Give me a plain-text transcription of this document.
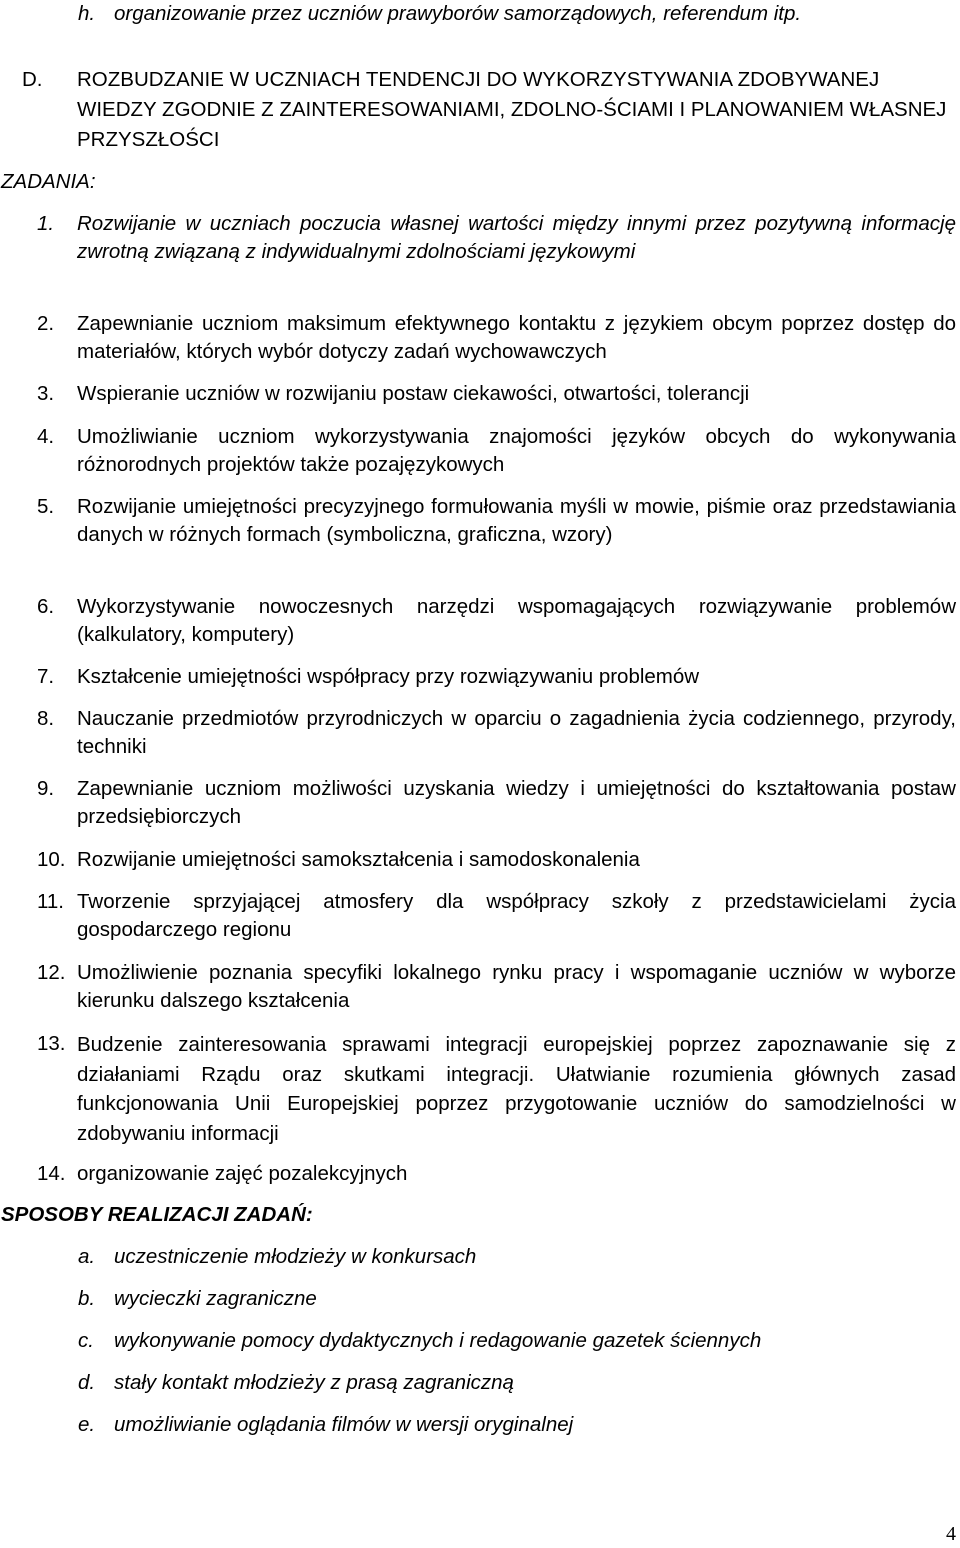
h. organizowanie przez uczniów prawyborów samorządowych, referendum itp.
D. ROZBUDZANIE W UCZNIACH TENDENCJI DO WYKORZYSTYWANIA ZDOBYWANEJ WIEDZY ZGODNIE Z ZAINTERESOWANIAMI, ZDOLNO-ŚCIAMI I PLANOWANIEM WŁASNEJ PRZYSZŁOŚCI
ZADANIA:
1. Rozwijanie w uczniach poczucia własnej wartości między innymi przez pozytywną informację zwrotną związaną z indywidualnymi zdolnościami językowymi
2. Zapewnianie uczniom maksimum efektywnego kontaktu z językiem obcym poprzez dostęp do materiałów, których wybór dotyczy zadań wychowawczych
3. Wspieranie uczniów w rozwijaniu postaw ciekawości, otwartości, tolerancji
4. Umożliwianie uczniom wykorzystywania znajomości języków obcych do wykonywania różnorodnych projektów także pozajęzykowych
5. Rozwijanie umiejętności precyzyjnego formułowania myśli w mowie, piśmie oraz przedstawiania danych w różnych formach (symboliczna, graficzna, wzory)
6. Wykorzystywanie nowoczesnych narzędzi wspomagających rozwiązywanie problemów (kalkulatory, komputery)
7. Kształcenie umiejętności współpracy przy rozwiązywaniu problemów
8. Nauczanie przedmiotów przyrodniczych w oparciu o zagadnienia życia codziennego, przyrody, techniki
9. Zapewnianie uczniom możliwości uzyskania wiedzy i umiejętności do kształtowania postaw przedsiębiorczych
10. Rozwijanie umiejętności samokształcenia i samodoskonalenia
11. Tworzenie sprzyjającej atmosfery dla współpracy szkoły z przedstawicielami życia gospodarczego regionu
12. Umożliwienie poznania specyfiki lokalnego rynku pracy i wspomaganie uczniów w wyborze kierunku dalszego kształcenia
13. Budzenie zainteresowania sprawami integracji europejskiej poprzez zapoznawanie się z działaniami Rządu oraz skutkami integracji. Ułatwianie rozumienia głównych zasad funkcjonowania Unii Europejskiej poprzez przygotowanie uczniów do samodzielności w zdobywaniu informacji
14. organizowanie zajęć pozalekcyjnych
SPOSOBY REALIZACJI ZADAŃ:
a. uczestniczenie młodzieży w konkursach
b. wycieczki zagraniczne
c. wykonywanie pomocy dydaktycznych i redagowanie gazetek ściennych
d. stały kontakt młodzieży z prasą zagraniczną
e. umożliwianie oglądania filmów w wersji oryginalnej
4
